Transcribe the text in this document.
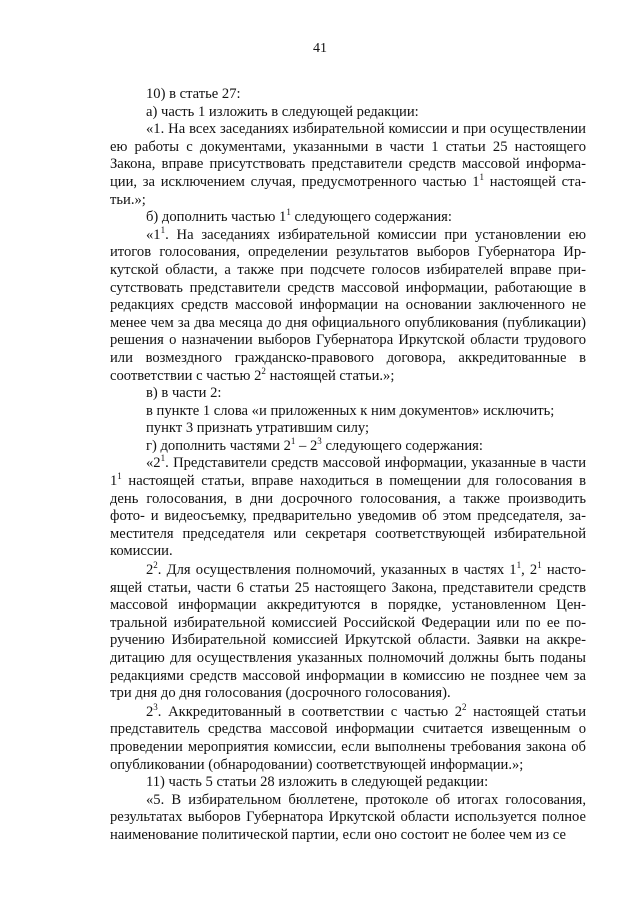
41

10) в статье 27:

а) часть 1 изложить в следующей редакции:

«1. На всех заседаниях избирательной комиссии и при осуществлении ею работы с документами, указанными в части 1 статьи 25 настоящего Закона, вправе присутствовать представители средств массовой информации, за исключением случая, предусмотренного частью $1^1$ настоящей статьи.»;

б) дополнить частью $1^1$ следующего содержания:

«$1^1$. На заседаниях избирательной комиссии при установлении ею итогов голосования, определении результатов выборов Губернатора Иркутской области, а также при подсчете голосов избирателей вправе присутствовать представители средств массовой информации, работающие в редакциях средств массовой информации на основании заключенного не менее чем за два месяца до дня официального опубликования (публикации) решения о назначении выборов Губернатора Иркутской области трудового или возмездного гражданско-правового договора, аккредитованные в соответствии с частью $2^2$ настоящей статьи.»;

в) в части 2:

в пункте 1 слова «и приложенных к ним документов» исключить;

пункт 3 признать утратившим силу;

г) дополнить частями $2^1 - 2^3$ следующего содержания:

«$2^1$. Представители средств массовой информации, указанные в части $1^1$ настоящей статьи, вправе находиться в помещении для голосования в день голосования, в дни досрочного голосования, а также производить фото- и видеосъемку, предварительно уведомив об этом председателя, заместителя председателя или секретаря соответствующей избирательной комиссии.

$2^2$. Для осуществления полномочий, указанных в частях $1^1$, $2^1$ настоящей статьи, части 6 статьи 25 настоящего Закона, представители средств массовой информации аккредитуются в порядке, установленном Центральной избирательной комиссией Российской Федерации или по ее поручению Избирательной комиссией Иркутской области. Заявки на аккредитацию для осуществления указанных полномочий должны быть поданы редакциями средств массовой информации в комиссию не позднее чем за три дня до дня голосования (досрочного голосования).

$2^3$. Аккредитованный в соответствии с частью $2^2$ настоящей статьи представитель средства массовой информации считается извещенным о проведении мероприятия комиссии, если выполнены требования закона об опубликовании (обнародовании) соответствующей информации.»;

11) часть 5 статьи 28 изложить в следующей редакции:

«5. В избирательном бюллетене, протоколе об итогах голосования, результатах выборов Губернатора Иркутской области используется полное наименование политической партии, если оно состоит не более чем из се
